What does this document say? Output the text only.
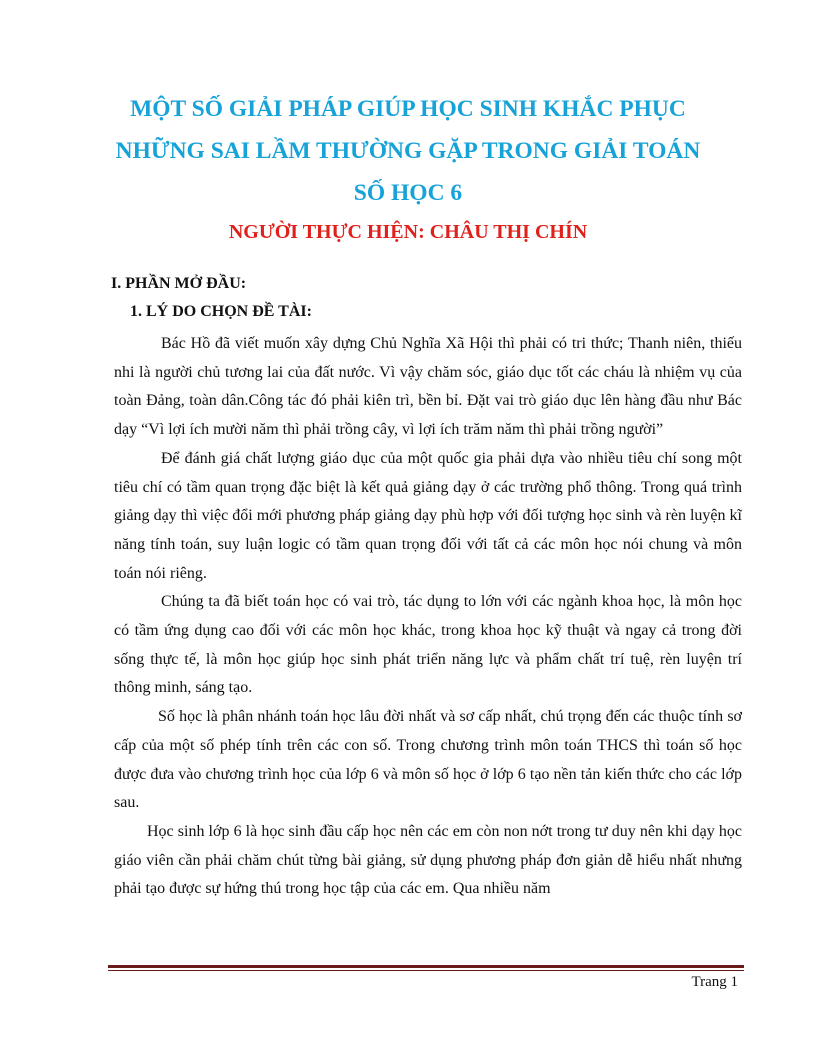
MỘT SỐ GIẢI PHÁP GIÚP HỌC SINH KHẮC PHỤC
NHỮNG SAI LẦM THƯỜNG GẶP TRONG GIẢI TOÁN
SỐ HỌC 6

NGƯỜI THỰC HIỆN: CHÂU THỊ CHÍN

I. PHẦN MỞ ĐẦU:

1. LÝ DO CHỌN ĐỀ TÀI:

Bác Hồ đã viết muốn xây dựng Chủ Nghĩa Xã Hội thì phải có tri thức; Thanh niên, thiếu nhi là người chủ tương lai của đất nước. Vì vậy chăm sóc, giáo dục tốt các cháu là nhiệm vụ của toàn Đảng, toàn dân.Công tác đó phải kiên trì, bền bỉ. Đặt vai trò giáo dục lên hàng đầu như Bác dạy “Vì lợi ích mười năm thì phải trồng cây, vì lợi ích trăm năm thì phải trồng người”

Để đánh giá chất lượng giáo dục của một quốc gia phải dựa vào nhiều tiêu chí song một tiêu chí có tầm quan trọng đặc biệt là kết quả giảng dạy ở các trường phổ thông. Trong quá trình giảng dạy thì việc đổi mới phương pháp giảng dạy phù hợp với đối tượng học sinh và rèn luyện kĩ năng tính toán, suy luận logic có tầm quan trọng đối với tất cả các môn học nói chung và môn toán nói riêng.

Chúng ta đã biết toán học có vai trò, tác dụng to lớn với các ngành khoa học, là môn học có tầm ứng dụng cao đối với các môn học khác, trong khoa học kỹ thuật và ngay cả trong đời sống thực tế, là môn học giúp học sinh phát triển năng lực và phẩm chất trí tuệ, rèn luyện trí thông minh, sáng tạo.

Số học là phân nhánh toán học lâu đời nhất và sơ cấp nhất, chú trọng đến các thuộc tính sơ cấp của một số phép tính trên các con số. Trong chương trình môn toán THCS thì toán số học được đưa vào chương trình học của lớp 6 và môn số học ở lớp 6 tạo nền tản kiến thức cho các lớp sau.

Học sinh lớp 6 là học sinh đầu cấp học nên các em còn non nớt trong tư duy nên khi dạy học giáo viên cần phải chăm chút từng bài giảng, sử dụng phương pháp đơn giản dễ hiểu nhất nhưng phải tạo được sự hứng thú trong học tập của các em. Qua nhiều năm

Trang 1
